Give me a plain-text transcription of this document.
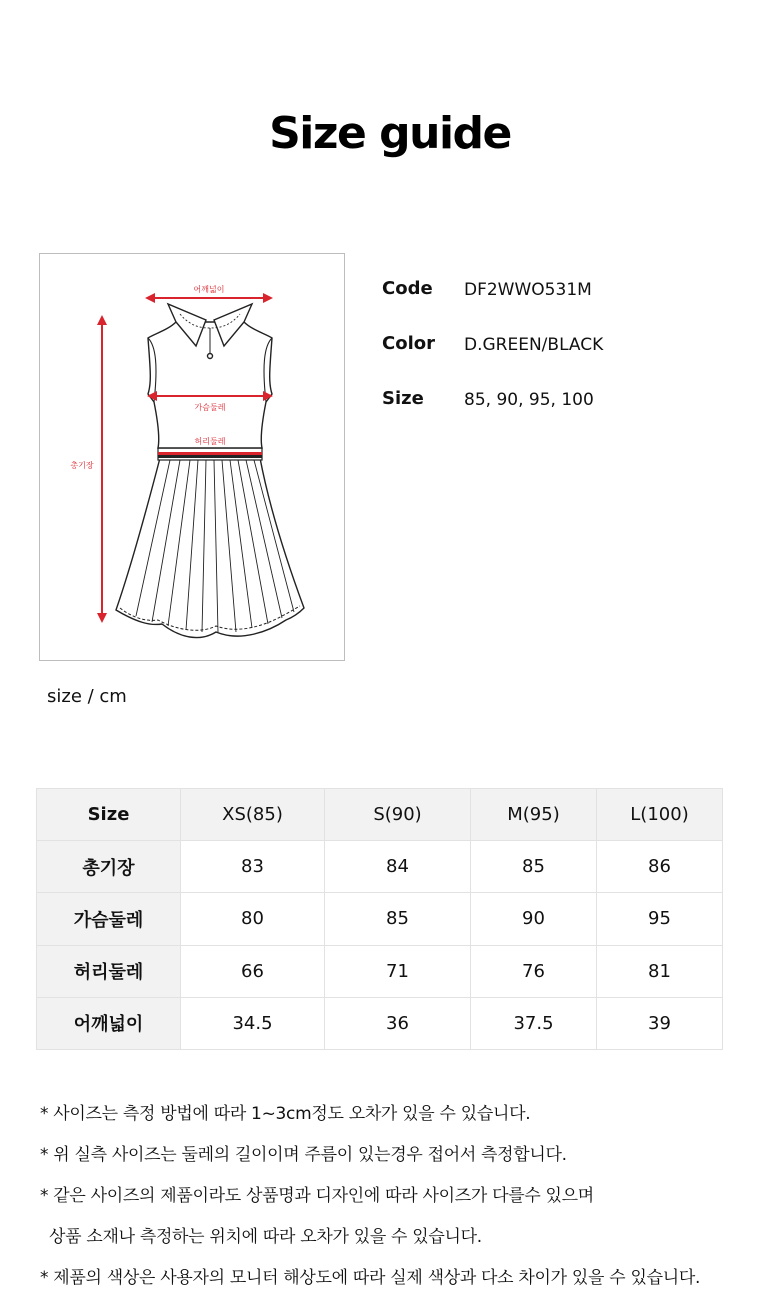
Size guide
어깨넓이
가슴둘레
허리둘레
총기장
Code DF2WWO531M
Color D.GREEN/BLACK
Size 85, 90, 95, 100
size / cm
Size	XS(85)	S(90)	M(95)	L(100)
총기장	83	84	85	86
가슴둘레	80	85	90	95
허리둘레	66	71	76	81
어깨넓이	34.5	36	37.5	39
* 사이즈는 측정 방법에 따라 1~3cm정도 오차가 있을 수 있습니다.
* 위 실측 사이즈는 둘레의 길이이며 주름이 있는경우 접어서 측정합니다.
* 같은 사이즈의 제품이라도 상품명과 디자인에 따라 사이즈가 다를수 있으며
상품 소재나 측정하는 위치에 따라 오차가 있을 수 있습니다.
* 제품의 색상은 사용자의 모니터 해상도에 따라 실제 색상과 다소 차이가 있을 수 있습니다.
